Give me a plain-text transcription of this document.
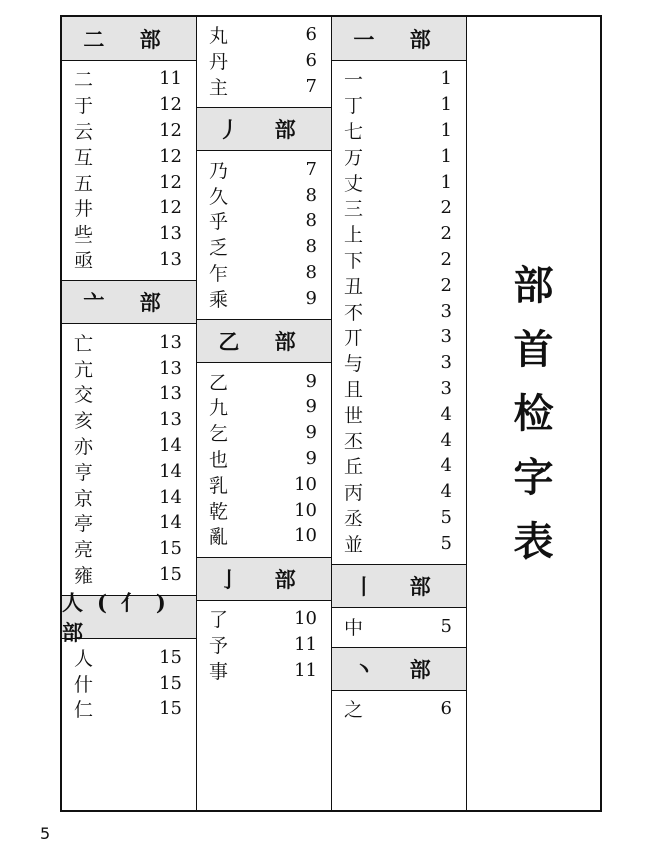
二 部
二	11
于	12
云	12
互	12
五	12
井	12
些	13
亟	13
亠 部
亡	13
亢	13
交	13
亥	13
亦	14
亨	14
京	14
亭	14
亮	15
雍	15
人(亻)部
人	15
什	15
仁	15
丸	6
丹	6
主	7
丿 部
乃	7
久	8
乎	8
乏	8
乍	8
乘	9
乙 部
乙	9
九	9
乞	9
也	9
乳	10
乾	10
亂	10
亅 部
了	10
予	11
事	11
一 部
一	1
丁	1
七	1
万	1
丈	1
三	2
上	2
下	2
丑	2
不	3
丌	3
与	3
且	3
世	4
丕	4
丘	4
丙	4
丞	5
並	5
丨 部
中	5
丶 部
之	6
部
首
检
字
表
5
